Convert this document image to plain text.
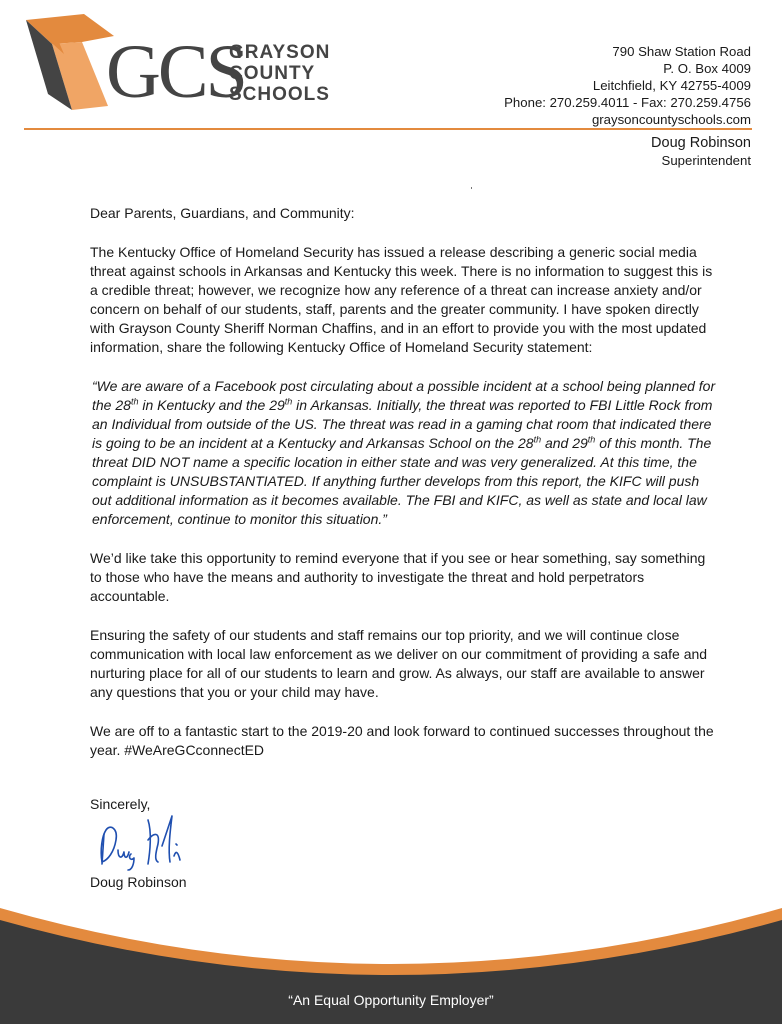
GCS
GRAYSON
COUNTY
SCHOOLS
790 Shaw Station Road
P. O. Box 4009
Leitchfield, KY 42755-4009
Phone: 270.259.4011 - Fax: 270.259.4756
graysoncountyschools.com
Doug Robinson
Superintendent

Dear Parents, Guardians, and Community:

The Kentucky Office of Homeland Security has issued a release describing a generic social media threat against schools in Arkansas and Kentucky this week. There is no information to suggest this is a credible threat; however, we recognize how any reference of a threat can increase anxiety and/or concern on behalf of our students, staff, parents and the greater community. I have spoken directly with Grayson County Sheriff Norman Chaffins, and in an effort to provide you with the most updated information, share the following Kentucky Office of Homeland Security statement:

“We are aware of a Facebook post circulating about a possible incident at a school being planned for the 28th in Kentucky and the 29th in Arkansas. Initially, the threat was reported to FBI Little Rock from an Individual from outside of the US. The threat was read in a gaming chat room that indicated there is going to be an incident at a Kentucky and Arkansas School on the 28th and 29th of this month. The threat DID NOT name a specific location in either state and was very generalized. At this time, the complaint is UNSUBSTANTIATED. If anything further develops from this report, the KIFC will push out additional information as it becomes available. The FBI and KIFC, as well as state and local law enforcement, continue to monitor this situation.”

We’d like take this opportunity to remind everyone that if you see or hear something, say something to those who have the means and authority to investigate the threat and hold perpetrators accountable.

Ensuring the safety of our students and staff remains our top priority, and we will continue close communication with local law enforcement as we deliver on our commitment of providing a safe and nurturing place for all of our students to learn and grow. As always, our staff are available to answer any questions that you or your child may have.

We are off to a fantastic start to the 2019-20 and look forward to continued successes throughout the year. #WeAreGCconnectED

Sincerely,
Doug Robinson
“An Equal Opportunity Employer”
